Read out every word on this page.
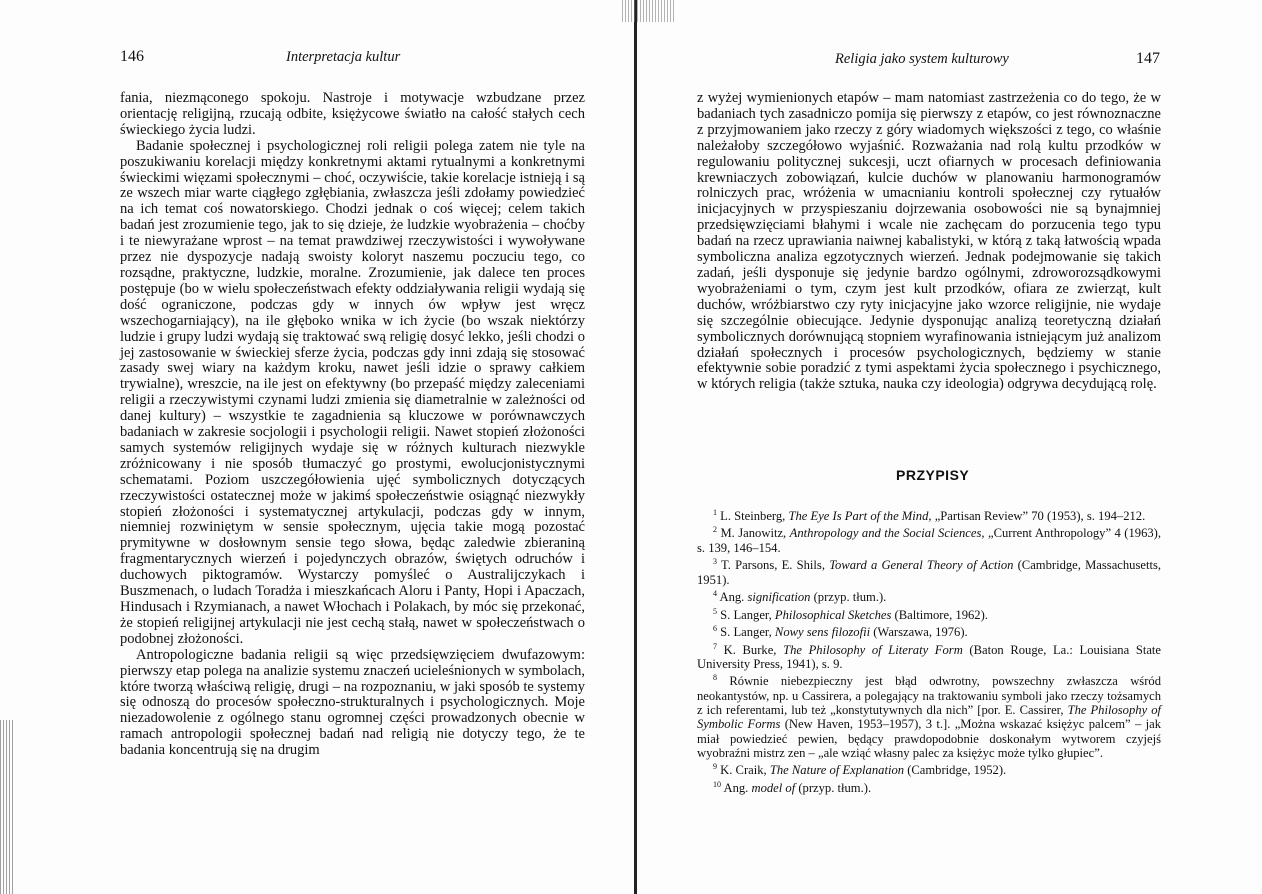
146	Interpretacja kultur

fania, niezmąconego spokoju. Nastroje i motywacje wzbudzane przez orientację religijną, rzucają odbite, księżycowe światło na całość stałych cech świeckiego życia ludzi.

Badanie społecznej i psychologicznej roli religii polega zatem nie tyle na poszukiwaniu korelacji między konkretnymi aktami rytualnymi a konkretnymi świeckimi więzami społecznymi – choć, oczywiście, takie korelacje istnieją i są ze wszech miar warte ciągłego zgłębiania, zwłaszcza jeśli zdołamy powiedzieć na ich temat coś nowatorskiego. Chodzi jednak o coś więcej; celem takich badań jest zrozumienie tego, jak to się dzieje, że ludzkie wyobrażenia – choćby i te niewyrażane wprost – na temat prawdziwej rzeczywistości i wywoływane przez nie dyspozycje nadają swoisty koloryt naszemu poczuciu tego, co rozsądne, praktyczne, ludzkie, moralne. Zrozumienie, jak dalece ten proces postępuje (bo w wielu społeczeństwach efekty oddziaływania religii wydają się dość ograniczone, podczas gdy w innych ów wpływ jest wręcz wszechogarniający), na ile głęboko wnika w ich życie (bo wszak niektórzy ludzie i grupy ludzi wydają się traktować swą religię dosyć lekko, jeśli chodzi o jej zastosowanie w świeckiej sferze życia, podczas gdy inni zdają się stosować zasady swej wiary na każdym kroku, nawet jeśli idzie o sprawy całkiem trywialne), wreszcie, na ile jest on efektywny (bo przepaść między zaleceniami religii a rzeczywistymi czynami ludzi zmienia się diametralnie w zależności od danej kultury) – wszystkie te zagadnienia są kluczowe w porównawczych badaniach w zakresie socjologii i psychologii religii. Nawet stopień złożoności samych systemów religijnych wydaje się w różnych kulturach niezwykle zróżnicowany i nie sposób tłumaczyć go prostymi, ewolucjonistycznymi schematami. Poziom uszczegółowienia ujęć symbolicznych dotyczących rzeczywistości ostatecznej może w jakimś społeczeństwie osiągnąć niezwykły stopień złożoności i systematycznej artykulacji, podczas gdy w innym, niemniej rozwiniętym w sensie społecznym, ujęcia takie mogą pozostać prymitywne w dosłownym sensie tego słowa, będąc zaledwie zbieraniną fragmentarycznych wierzeń i pojedynczych obrazów, świętych odruchów i duchowych piktogramów. Wystarczy pomyśleć o Australijczykach i Buszmenach, o ludach Toradża i mieszkańcach Aloru i Panty, Hopi i Apaczach, Hindusach i Rzymianach, a nawet Włochach i Polakach, by móc się przekonać, że stopień religijnej artykulacji nie jest cechą stałą, nawet w społeczeństwach o podobnej złożoności.

Antropologiczne badania religii są więc przedsięwzięciem dwufazowym: pierwszy etap polega na analizie systemu znaczeń ucieleśnionych w symbolach, które tworzą właściwą religię, drugi – na rozpoznaniu, w jaki sposób te systemy się odnoszą do procesów społeczno-strukturalnych i psychologicznych. Moje niezadowolenie z ogólnego stanu ogromnej części prowadzonych obecnie w ramach antropologii społecznej badań nad religią nie dotyczy tego, że te badania koncentrują się na drugim

Religia jako system kulturowy	147

z wyżej wymienionych etapów – mam natomiast zastrzeżenia co do tego, że w badaniach tych zasadniczo pomija się pierwszy z etapów, co jest równoznaczne z przyjmowaniem jako rzeczy z góry wiadomych większości z tego, co właśnie należałoby szczegółowo wyjaśnić. Rozważania nad rolą kultu przodków w regulowaniu politycznej sukcesji, uczt ofiarnych w procesach definiowania krewniaczych zobowiązań, kulcie duchów w planowaniu harmonogramów rolniczych prac, wróżenia w umacnianiu kontroli społecznej czy rytuałów inicjacyjnych w przyspieszaniu dojrzewania osobowości nie są bynajmniej przedsięwzięciami błahymi i wcale nie zachęcam do porzucenia tego typu badań na rzecz uprawiania naiwnej kabalistyki, w którą z taką łatwością wpada symboliczna analiza egzotycznych wierzeń. Jednak podejmowanie się takich zadań, jeśli dysponuje się jedynie bardzo ogólnymi, zdroworozsądkowymi wyobrażeniami o tym, czym jest kult przodków, ofiara ze zwierząt, kult duchów, wróżbiarstwo czy ryty inicjacyjne jako wzorce religijnie, nie wydaje się szczególnie obiecujące. Jedynie dysponując analizą teoretyczną działań symbolicznych dorównującą stopniem wyrafinowania istniejącym już analizom działań społecznych i procesów psychologicznych, będziemy w stanie efektywnie sobie poradzić z tymi aspektami życia społecznego i psychicznego, w których religia (także sztuka, nauka czy ideologia) odgrywa decydującą rolę.

PRZYPISY

$^1$ L. Steinberg, The Eye Is Part of the Mind, „Partisan Review” 70 (1953), s. 194–212.

$^2$ M. Janowitz, Anthropology and the Social Sciences, „Current Anthropology” 4 (1963), s. 139, 146–154.

$^3$ T. Parsons, E. Shils, Toward a General Theory of Action (Cambridge, Massachusetts, 1951).

$^4$ Ang. signification (przyp. tłum.).

$^5$ S. Langer, Philosophical Sketches (Baltimore, 1962).

$^6$ S. Langer, Nowy sens filozofii (Warszawa, 1976).

$^7$ K. Burke, The Philosophy of Literaty Form (Baton Rouge, La.: Louisiana State University Press, 1941), s. 9.

$^8$ Równie niebezpieczny jest błąd odwrotny, powszechny zwłaszcza wśród neokantystów, np. u Cassirera, a polegający na traktowaniu symboli jako rzeczy tożsamych z ich referentami, lub też „konstytutywnych dla nich” [por. E. Cassirer, The Philosophy of Symbolic Forms (New Haven, 1953–1957), 3 t.]. „Można wskazać księżyc palcem” – jak miał powiedzieć pewien, będący prawdopodobnie doskonałym wytworem czyjejś wyobraźni mistrz zen – „ale wziąć własny palec za księżyc może tylko głupiec”.

$^9$ K. Craik, The Nature of Explanation (Cambridge, 1952).

$^{10}$ Ang. model of (przyp. tłum.).
